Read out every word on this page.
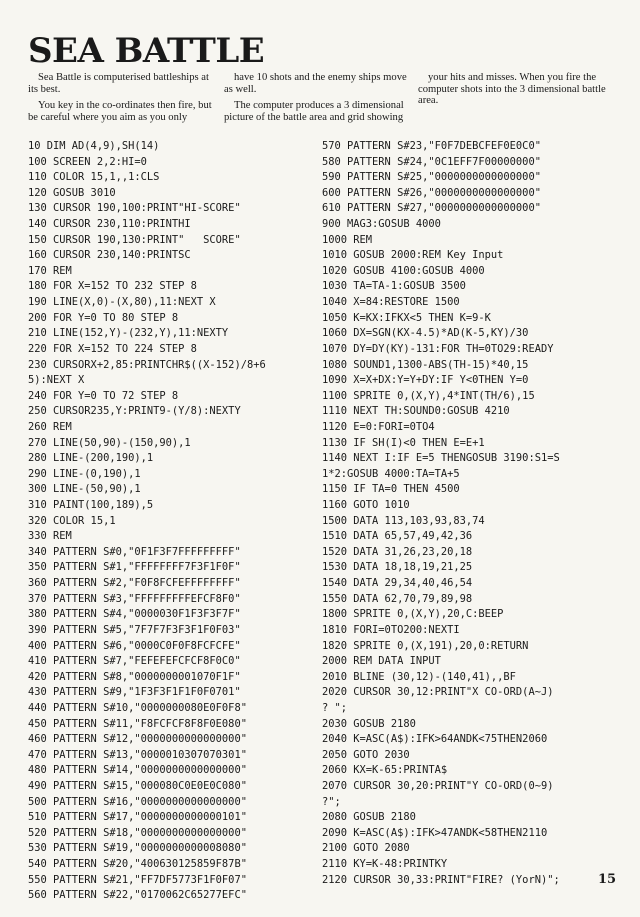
SEA BATTLE

Sea Battle is computerised battleships at its best.

You key in the co-ordinates then fire, but be careful where you aim as you only

have 10 shots and the enemy ships move as well.

The computer produces a 3 dimensional picture of the battle area and grid showing

your hits and misses. When you fire the computer shots into the 3 dimensional battle area.

10 DIM AD(4,9),SH(14)
100 SCREEN 2,2:HI=0
110 COLOR 15,1,,1:CLS
120 GOSUB 3010
130 CURSOR 190,100:PRINT"HI-SCORE"
140 CURSOR 230,110:PRINTHI
150 CURSOR 190,130:PRINT"   SCORE"
160 CURSOR 230,140:PRINTSC
170 REM
180 FOR X=152 TO 232 STEP 8
190 LINE(X,0)-(X,80),11:NEXT X
200 FOR Y=0 TO 80 STEP 8
210 LINE(152,Y)-(232,Y),11:NEXTY
220 FOR X=152 TO 224 STEP 8
230 CURSORX+2,85:PRINTCHR$((X-152)/8+6
5):NEXT X
240 FOR Y=0 TO 72 STEP 8
250 CURSOR235,Y:PRINT9-(Y/8):NEXTY
260 REM
270 LINE(50,90)-(150,90),1
280 LINE-(200,190),1
290 LINE-(0,190),1
300 LINE-(50,90),1
310 PAINT(100,189),5
320 COLOR 15,1
330 REM
340 PATTERN S#0,"0F1F3F7FFFFFFFFF"
350 PATTERN S#1,"FFFFFFFF7F3F1F0F"
360 PATTERN S#2,"F0F8FCFEFFFFFFFF"
370 PATTERN S#3,"FFFFFFFFFEFCF8F0"
380 PATTERN S#4,"0000030F1F3F3F7F"
390 PATTERN S#5,"7F7F7F3F3F1F0F03"
400 PATTERN S#6,"0000C0F0F8FCFCFE"
410 PATTERN S#7,"FEFEFEFCFCF8F0C0"
420 PATTERN S#8,"0000000001070F1F"
430 PATTERN S#9,"1F3F3F1F1F0F0701"
440 PATTERN S#10,"0000000080E0F0F8"
450 PATTERN S#11,"F8FCFCF8F8F0E080"
460 PATTERN S#12,"0000000000000000"
470 PATTERN S#13,"0000010307070301"
480 PATTERN S#14,"0000000000000000"
490 PATTERN S#15,"000080C0E0E0C080"
500 PATTERN S#16,"0000000000000000"
510 PATTERN S#17,"0000000000000101"
520 PATTERN S#18,"0000000000000000"
530 PATTERN S#19,"0000000000008080"
540 PATTERN S#20,"400630125859F87B"
550 PATTERN S#21,"FF7DF5773F1F0F07"
560 PATTERN S#22,"0170062C65277EFC"
570 PATTERN S#23,"F0F7DEBCFEF0E0C0"
580 PATTERN S#24,"0C1EFF7F00000000"
590 PATTERN S#25,"0000000000000000"
600 PATTERN S#26,"0000000000000000"
610 PATTERN S#27,"0000000000000000"
900 MAG3:GOSUB 4000
1000 REM
1010 GOSUB 2000:REM Key Input
1020 GOSUB 4100:GOSUB 4000
1030 TA=TA-1:GOSUB 3500
1040 X=84:RESTORE 1500
1050 K=KX:IFKX<5 THEN K=9-K
1060 DX=SGN(KX-4.5)*AD(K-5,KY)/30
1070 DY=DY(KY)-131:FOR TH=0TO29:READY
1080 SOUND1,1300-ABS(TH-15)*40,15
1090 X=X+DX:Y=Y+DY:IF Y<0THEN Y=0
1100 SPRITE 0,(X,Y),4*INT(TH/6),15
1110 NEXT TH:SOUND0:GOSUB 4210
1120 E=0:FORI=0TO4
1130 IF SH(I)<0 THEN E=E+1
1140 NEXT I:IF E=5 THENGOSUB 3190:S1=S
1*2:GOSUB 4000:TA=TA+5
1150 IF TA=0 THEN 4500
1160 GOTO 1010
1500 DATA 113,103,93,83,74
1510 DATA 65,57,49,42,36
1520 DATA 31,26,23,20,18
1530 DATA 18,18,19,21,25
1540 DATA 29,34,40,46,54
1550 DATA 62,70,79,89,98
1800 SPRITE 0,(X,Y),20,C:BEEP
1810 FORI=0TO200:NEXTI
1820 SPRITE 0,(X,191),20,0:RETURN
2000 REM DATA INPUT
2010 BLINE (30,12)-(140,41),,BF
2020 CURSOR 30,12:PRINT"X CO-ORD(A~J)
? ";
2030 GOSUB 2180
2040 K=ASC(A$):IFK>64ANDK<75THEN2060
2050 GOTO 2030
2060 KX=K-65:PRINTA$
2070 CURSOR 30,20:PRINT"Y CO-ORD(0~9)
?";
2080 GOSUB 2180
2090 K=ASC(A$):IFK>47ANDK<58THEN2110
2100 GOTO 2080
2110 KY=K-48:PRINTKY
2120 CURSOR 30,33:PRINT"FIRE? (YorN)";	15
